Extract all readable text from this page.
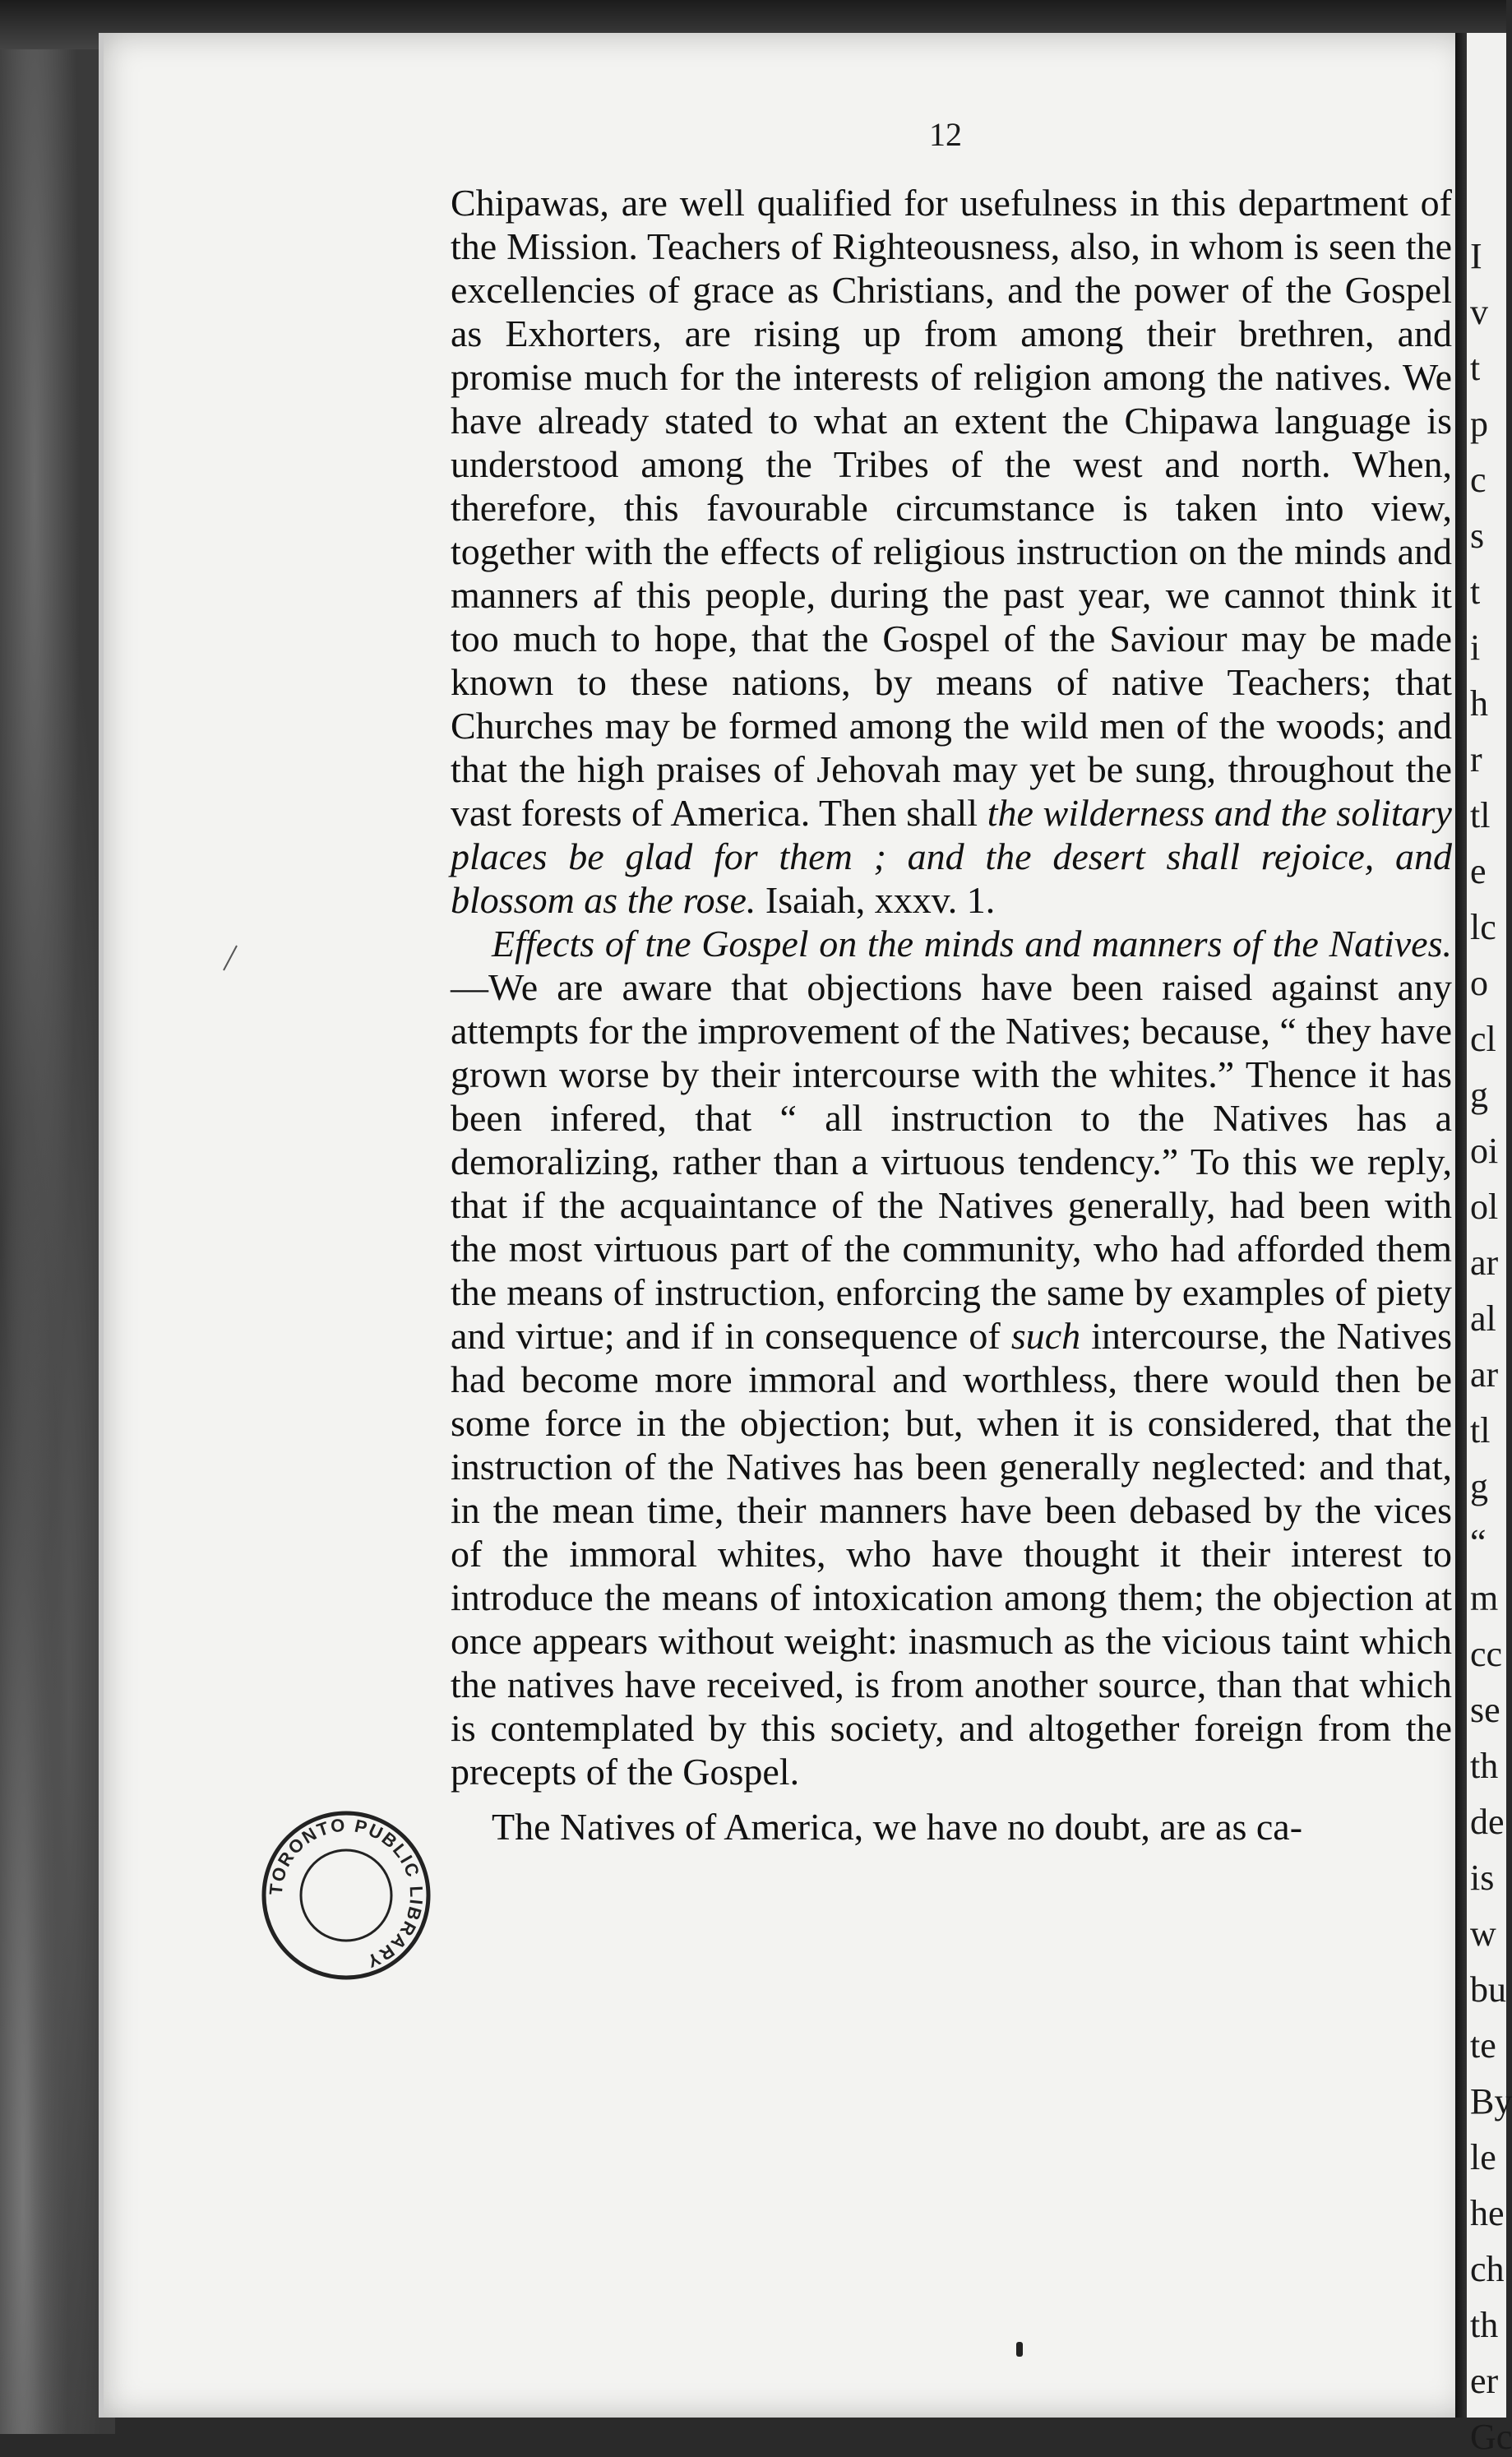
I
v
t
p
c
s
t
i
h
r
tl
e
lc
o
cl
g
oi
ol
ar
al
ar
tl
g
“
m
cc
se
th
de
is
w
bu
te
By
le
he
ch
th
er
Gc
12

Chipawas, are well qualified for usefulness in this department of the Mission. Teachers of Righteousness, also, in whom is seen the excellencies of grace as Christians, and the power of the Gospel as Exhorters, are rising up from among their brethren, and promise much for the interests of religion among the natives. We have already stated to what an extent the Chipawa language is understood among the Tribes of the west and north. When, therefore, this favourable circumstance is taken into view, together with the effects of religious instruction on the minds and manners af this people, during the past year, we cannot think it too much to hope, that the Gospel of the Saviour may be made known to these nations, by means of native Teachers; that Churches may be formed among the wild men of the woods; and that the high praises of Jehovah may yet be sung, throughout the vast forests of America. Then shall the wilderness and the solitary places be glad for them ; and the desert shall rejoice, and blossom as the rose. Isaiah, xxxv. 1.

Effects of tne Gospel on the minds and manners of the Natives.—We are aware that objections have been raised against any attempts for the improvement of the Natives; because, “ they have grown worse by their intercourse with the whites.” Thence it has been infered, that “ all instruction to the Natives has a demoralizing, rather than a virtuous tendency.” To this we reply, that if the acquaintance of the Natives generally, had been with the most virtuous part of the community, who had afforded them the means of instruction, enforcing the same by examples of piety and virtue; and if in consequence of such intercourse, the Natives had become more immoral and worthless, there would then be some force in the objection; but, when it is considered, that the instruction of the Natives has been generally neglected: and that, in the mean time, their manners have been debased by the vices of the immoral whites, who have thought it their interest to introduce the means of intoxication among them; the objection at once appears without weight: inasmuch as the vicious taint which the natives have received, is from another source, than that which is contemplated by this society, and altogether foreign from the precepts of the Gospel.

The Natives of America, we have no doubt, are as ca-

TORONTO PUBLIC LIBRARY
